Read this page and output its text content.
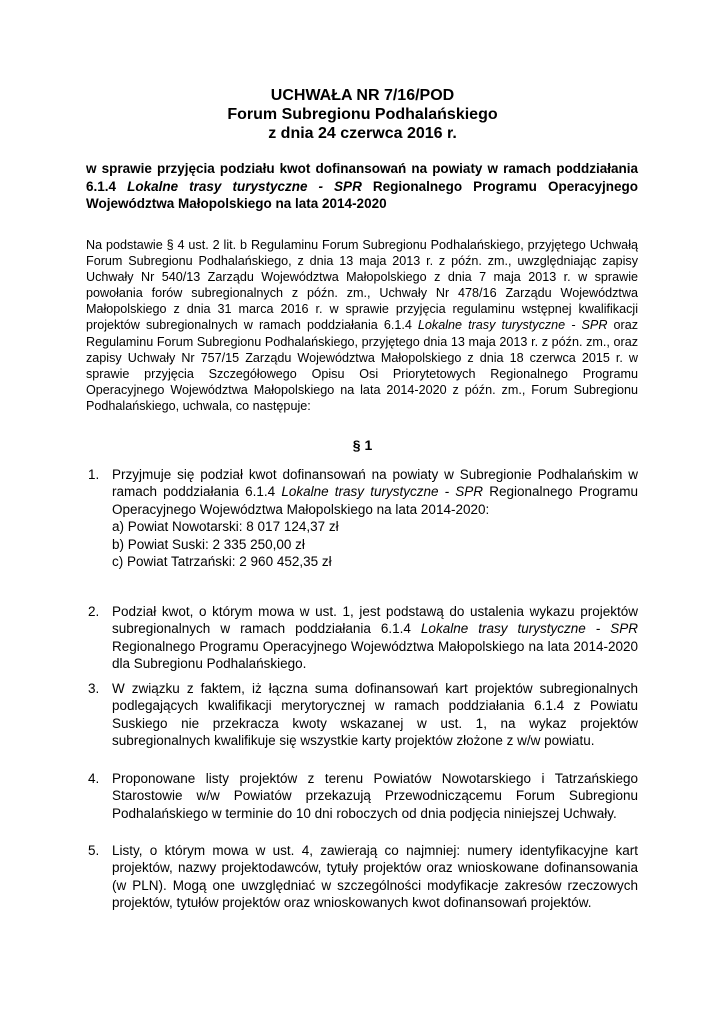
UCHWAŁA NR 7/16/POD
Forum Subregionu Podhalańskiego
z dnia 24 czerwca 2016 r.
w sprawie przyjęcia podziału kwot dofinansowań na powiaty w ramach poddziałania 6.1.4 Lokalne trasy turystyczne - SPR Regionalnego Programu Operacyjnego Województwa Małopolskiego na lata 2014-2020
Na podstawie § 4 ust. 2 lit. b Regulaminu Forum Subregionu Podhalańskiego, przyjętego Uchwałą Forum Subregionu Podhalańskiego, z dnia 13 maja 2013 r. z późn. zm., uwzględniając zapisy Uchwały Nr 540/13 Zarządu Województwa Małopolskiego z dnia 7 maja 2013 r. w sprawie powołania forów subregionalnych z późn. zm., Uchwały Nr 478/16 Zarządu Województwa Małopolskiego z dnia 31 marca 2016 r. w sprawie przyjęcia regulaminu wstępnej kwalifikacji projektów subregionalnych w ramach poddziałania 6.1.4 Lokalne trasy turystyczne - SPR oraz Regulaminu Forum Subregionu Podhalańskiego, przyjętego dnia 13 maja 2013 r. z późn. zm., oraz zapisy Uchwały Nr 757/15 Zarządu Województwa Małopolskiego z dnia 18 czerwca 2015 r. w sprawie przyjęcia Szczegółowego Opisu Osi Priorytetowych Regionalnego Programu Operacyjnego Województwa Małopolskiego na lata 2014-2020 z późn. zm., Forum Subregionu Podhalańskiego, uchwala, co następuje:
§ 1
1. Przyjmuje się podział kwot dofinansowań na powiaty w Subregionie Podhalańskim w ramach poddziałania 6.1.4 Lokalne trasy turystyczne - SPR Regionalnego Programu Operacyjnego Województwa Małopolskiego na lata 2014-2020:
a) Powiat Nowotarski: 8 017 124,37 zł
b) Powiat Suski: 2 335 250,00 zł
c) Powiat Tatrzański: 2 960 452,35 zł
2. Podział kwot, o którym mowa w ust. 1, jest podstawą do ustalenia wykazu projektów subregionalnych w ramach poddziałania 6.1.4 Lokalne trasy turystyczne - SPR Regionalnego Programu Operacyjnego Województwa Małopolskiego na lata 2014-2020 dla Subregionu Podhalańskiego.
3. W związku z faktem, iż łączna suma dofinansowań kart projektów subregionalnych podlegających kwalifikacji merytorycznej w ramach poddziałania 6.1.4 z Powiatu Suskiego nie przekracza kwoty wskazanej w ust. 1, na wykaz projektów subregionalnych kwalifikuje się wszystkie karty projektów złożone z w/w powiatu.
4. Proponowane listy projektów z terenu Powiatów Nowotarskiego i Tatrzańskiego Starostowie w/w Powiatów przekazują Przewodniczącemu Forum Subregionu Podhalańskiego w terminie do 10 dni roboczych od dnia podjęcia niniejszej Uchwały.
5. Listy, o którym mowa w ust. 4, zawierają co najmniej: numery identyfikacyjne kart projektów, nazwy projektodawców, tytuły projektów oraz wnioskowane dofinansowania (w PLN). Mogą one uwzględniać w szczególności modyfikacje zakresów rzeczowych projektów, tytułów projektów oraz wnioskowanych kwot dofinansowań projektów.
